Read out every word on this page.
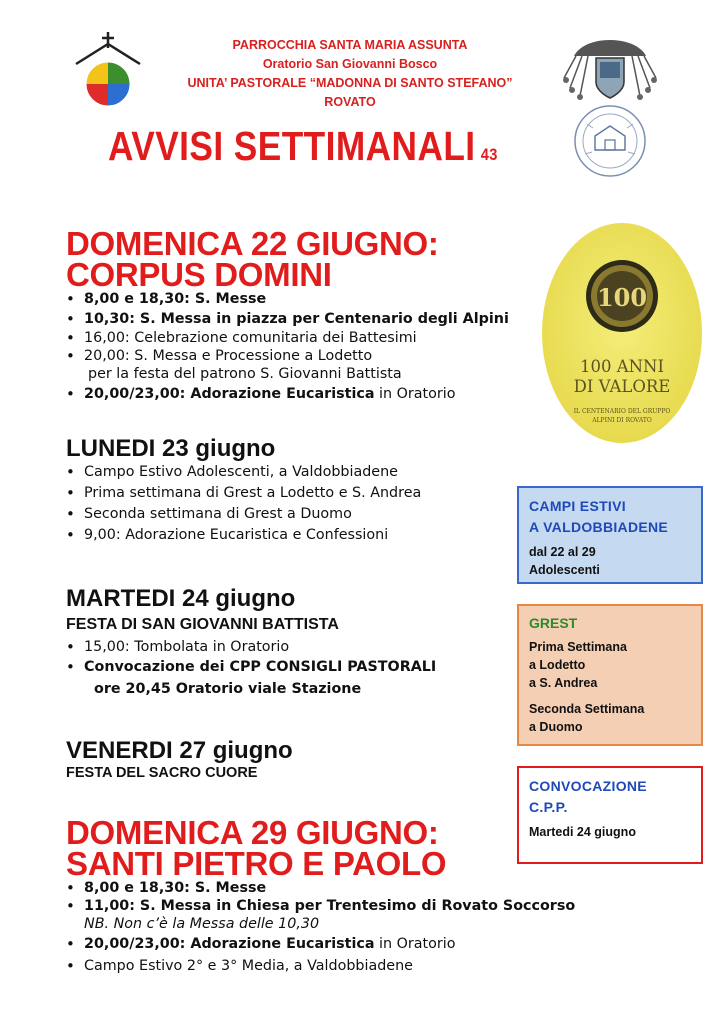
PARROCCHIA SANTA MARIA ASSUNTA
Oratorio San Giovanni Bosco
UNITA’ PASTORALE “MADONNA DI SANTO STEFANO”
ROVATO
AVVISI SETTIMANALI 43
DOMENICA 22 GIUGNO:
CORPUS DOMINI
• 8,00 e 18,30: S. Messe
• 10,30: S. Messa in piazza per Centenario degli Alpini
• 16,00: Celebrazione comunitaria dei Battesimi
• 20,00: S. Messa e Processione a Lodetto
per la festa del patrono S. Giovanni Battista
• 20,00/23,00: Adorazione Eucaristica in Oratorio
LUNEDI 23 giugno
• Campo Estivo Adolescenti, a Valdobbiadene
• Prima settimana di Grest a Lodetto e S. Andrea
• Seconda settimana di Grest a Duomo
• 9,00: Adorazione Eucaristica e Confessioni
MARTEDI 24 giugno
FESTA DI SAN GIOVANNI BATTISTA
• 15,00: Tombolata in Oratorio
• Convocazione dei CPP CONSIGLI PASTORALI
ore 20,45 Oratorio viale Stazione
VENERDI 27 giugno
FESTA DEL SACRO CUORE
DOMENICA 29 GIUGNO:
SANTI PIETRO E PAOLO
• 8,00 e 18,30: S. Messe
• 11,00: S. Messa in Chiesa per Trentesimo di Rovato Soccorso
NB. Non c’è la Messa delle 10,30
• 20,00/23,00: Adorazione Eucaristica in Oratorio
• Campo Estivo 2° e 3° Media, a Valdobbiadene
100
100 ANNI
DI VALORE
IL CENTENARIO DEL GRUPPO
ALPINI DI ROVATO
CAMPI ESTIVI
A VALDOBBIADENE
dal 22 al 29
Adolescenti
GREST
Prima Settimana
a Lodetto
a S. Andrea
Seconda Settimana
a Duomo
CONVOCAZIONE
C.P.P.
Martedi 24 giugno
